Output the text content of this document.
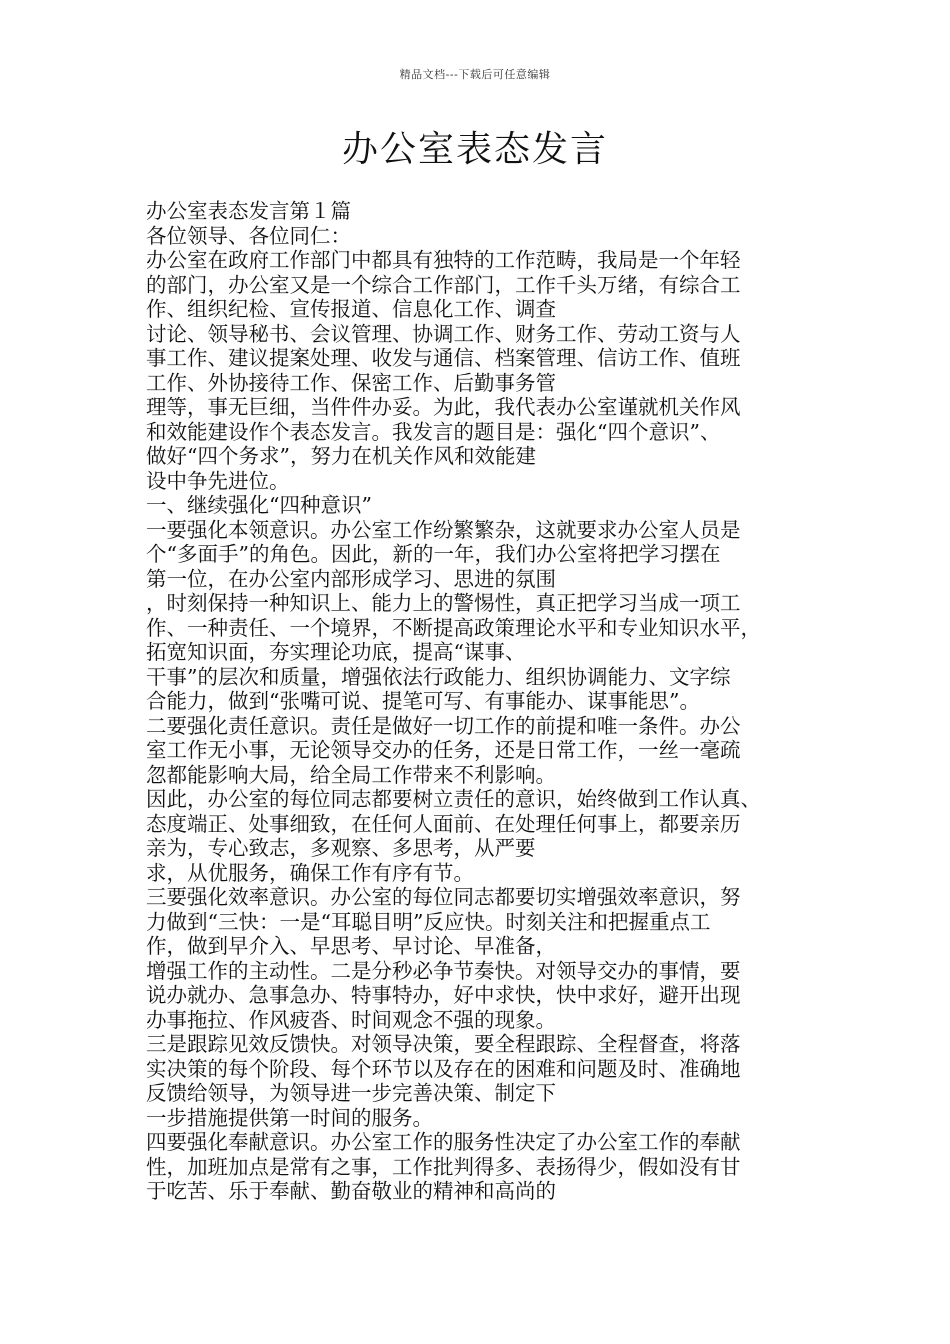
精品文档---下载后可任意编辑
办公室表态发言
办公室表态发言第１篇
各位领导、各位同仁：
办公室在政府工作部门中都具有独特的工作范畴，我局是一个年轻
的部门，办公室又是一个综合工作部门，工作千头万绪，有综合工
作、组织纪检、宣传报道、信息化工作、调查
讨论、领导秘书、会议管理、协调工作、财务工作、劳动工资与人
事工作、建议提案处理、收发与通信、档案管理、信访工作、值班
工作、外协接待工作、保密工作、后勤事务管
理等，事无巨细，当件件办妥。为此，我代表办公室谨就机关作风
和效能建设作个表态发言。我发言的题目是：强化“四个意识”、
做好“四个务求”，努力在机关作风和效能建
设中争先进位。
一、继续强化“四种意识”
一要强化本领意识。办公室工作纷繁繁杂，这就要求办公室人员是
个“多面手”的角色。因此，新的一年，我们办公室将把学习摆在
第一位，在办公室内部形成学习、思进的氛围
，时刻保持一种知识上、能力上的警惕性，真正把学习当成一项工
作、一种责任、一个境界，不断提高政策理论水平和专业知识水平，
拓宽知识面，夯实理论功底，提高“谋事、
干事”的层次和质量，增强依法行政能力、组织协调能力、文字综
合能力，做到“张嘴可说、提笔可写、有事能办、谋事能思”。
二要强化责任意识。责任是做好一切工作的前提和唯一条件。办公
室工作无小事，无论领导交办的任务，还是日常工作，一丝一毫疏
忽都能影响大局，给全局工作带来不利影响。
因此，办公室的每位同志都要树立责任的意识，始终做到工作认真、
态度端正、处事细致，在任何人面前、在处理任何事上，都要亲历
亲为，专心致志，多观察、多思考，从严要
求，从优服务，确保工作有序有节。
三要强化效率意识。办公室的每位同志都要切实增强效率意识，努
力做到“三快：一是“耳聪目明”反应快。时刻关注和把握重点工
作，做到早介入、早思考、早讨论、早准备，
增强工作的主动性。二是分秒必争节奏快。对领导交办的事情，要
说办就办、急事急办、特事特办，好中求快，快中求好，避开出现
办事拖拉、作风疲沓、时间观念不强的现象。
三是跟踪见效反馈快。对领导决策，要全程跟踪、全程督查，将落
实决策的每个阶段、每个环节以及存在的困难和问题及时、准确地
反馈给领导，为领导进一步完善决策、制定下
一步措施提供第一时间的服务。
四要强化奉献意识。办公室工作的服务性决定了办公室工作的奉献
性，加班加点是常有之事，工作批判得多、表扬得少，假如没有甘
于吃苦、乐于奉献、勤奋敬业的精神和高尚的
